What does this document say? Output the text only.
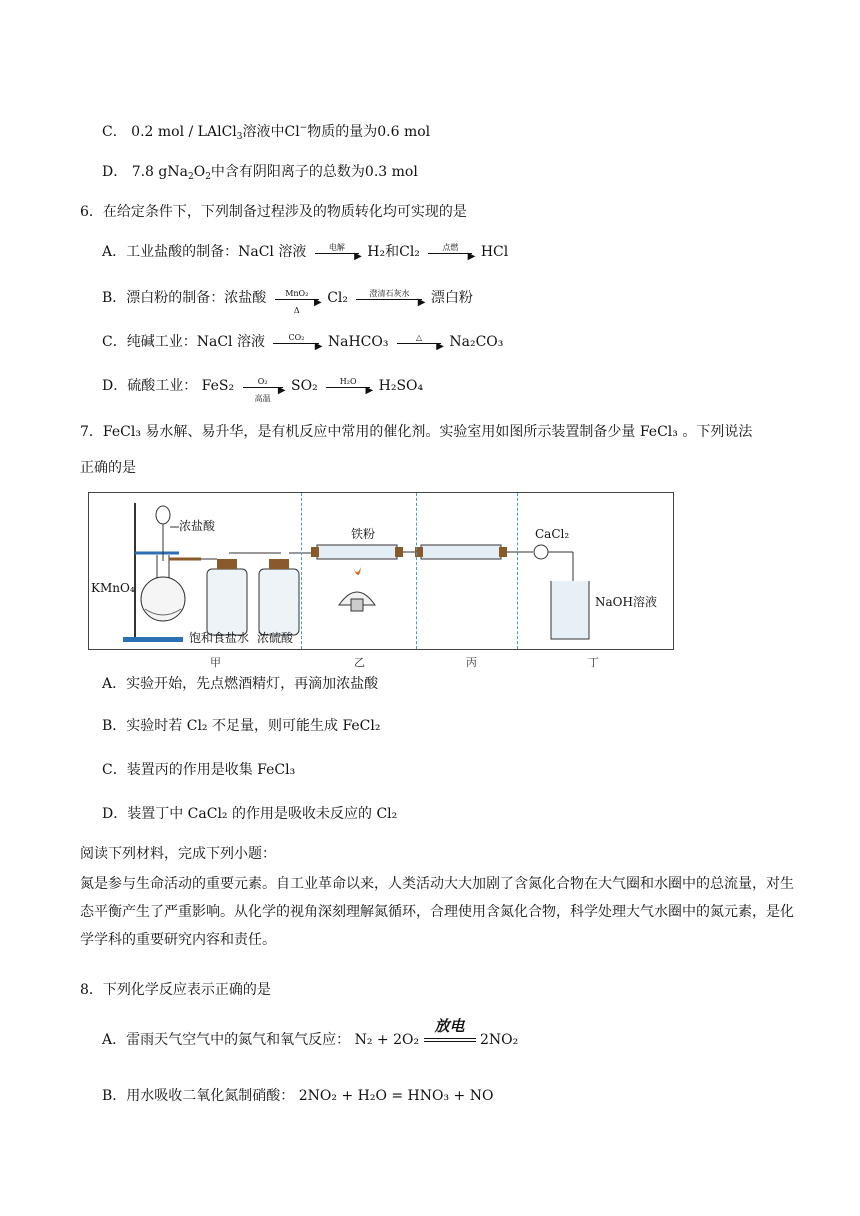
C． 0.2 mol / LAlCl$_3$溶液中Cl−物质的量为0.6 mol
D． 7.8 $gNa_2O_2$中含有阴阳离子的总数为0.3 mol
6．在给定条件下，下列制备过程涉及的物质转化均可实现的是
A．工业盐酸的制备：NaCl 溶液	电解
▶ H₂和Cl₂	点燃
▶ HCl
B．漂白粉的制备：浓盐酸	MnO₂
Δ
▶ Cl₂	澄清石灰水
▶ 漂白粉
C．纯碱工业：NaCl 溶液	CO₂
▶ NaHCO₃	△
▶ Na₂CO₃
D．硫酸工业： FeS₂	O₂
高温
▶ SO₂	H₂O
▶ H₂SO₄
7．FeCl₃ 易水解、易升华，是有机反应中常用的催化剂。实验室用如图所示装置制备少量 FeCl₃ 。下列说法
正确的是
浓盐酸
KMnO₄
铁粉	CaCl₂
NaOH溶液
饱和食盐水 浓硫酸
甲	乙	丙	丁
A．实验开始，先点燃酒精灯，再滴加浓盐酸
B．实验时若 Cl₂ 不足量，则可能生成 FeCl₂
C．装置丙的作用是收集 FeCl₃
D．装置丁中 CaCl₂ 的作用是吸收未反应的 Cl₂
阅读下列材料，完成下列小题：
氮是参与生命活动的重要元素。自工业革命以来，人类活动大大加剧了含氮化合物在大气圈和水圈中的总流量，对生态平衡产生了严重影响。从化学的视角深刻理解氮循环，合理使用含氮化合物，科学处理大气水圈中的氮元素，是化学学科的重要研究内容和责任。
8．下列化学反应表示正确的是
A．雷雨天气空气中的氮气和氧气反应： N₂ + 2O₂
放电
2NO₂
B．用水吸收二氧化氮制硝酸： 2NO₂ + H₂O = HNO₃ + NO
